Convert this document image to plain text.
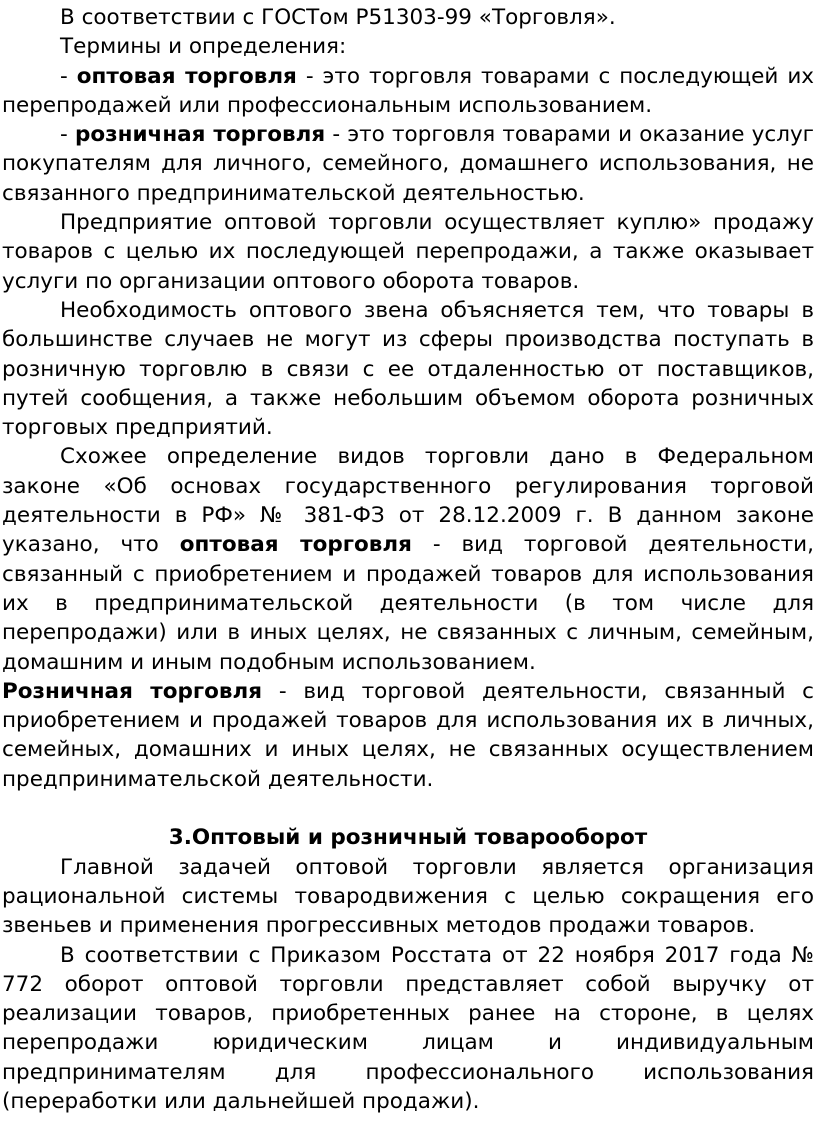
В соответствии с ГОСТом Р51303-99 «Торговля».

Термины и определения:

- оптовая торговля - это торговля товарами с последующей их перепродажей или профессиональным использованием.

- розничная торговля - это торговля товарами и оказание услуг покупателям для личного, семейного, домашнего использования, не связанного предпринимательской деятельностью.

Предприятие оптовой торговли осуществляет куплю» продажу товаров с целью их последующей перепродажи, а также оказывает услуги по организации оптового оборота товаров.

Необходимость оптового звена объясняется тем, что товары в большинстве случаев не могут из сферы производства поступать в розничную торговлю в связи с ее отдаленностью от поставщиков, путей сообщения, а также небольшим объемом оборота розничных торговых предприятий.

Схожее определение видов торговли дано в Федеральном законе «Об основах государственного регулирования торговой деятельности в РФ» № 381-ФЗ от 28.12.2009 г. В данном законе указано, что оптовая торговля - вид торговой деятельности, связанный с приобретением и продажей товаров для использования их в предпринимательской деятельности (в том числе для перепродажи) или в иных целях, не связанных с личным, семейным, домашним и иным подобным использованием.

Розничная торговля - вид торговой деятельности, связанный с приобретением и продажей товаров для использования их в личных, семейных, домашних и иных целях, не связанных осуществлением предпринимательской деятельности.

3.Оптовый и розничный товарооборот

Главной задачей оптовой торговли является организация рациональной системы товародвижения с целью сокращения его звеньев и применения прогрессивных методов продажи товаров.

В соответствии с Приказом Росстата от 22 ноября 2017 года № 772 оборот оптовой торговли представляет собой выручку от реализации товаров, приобретенных ранее на стороне, в целях перепродажи юридическим лицам и индивидуальным предпринимателям для профессионального использования (переработки или дальнейшей продажи).
